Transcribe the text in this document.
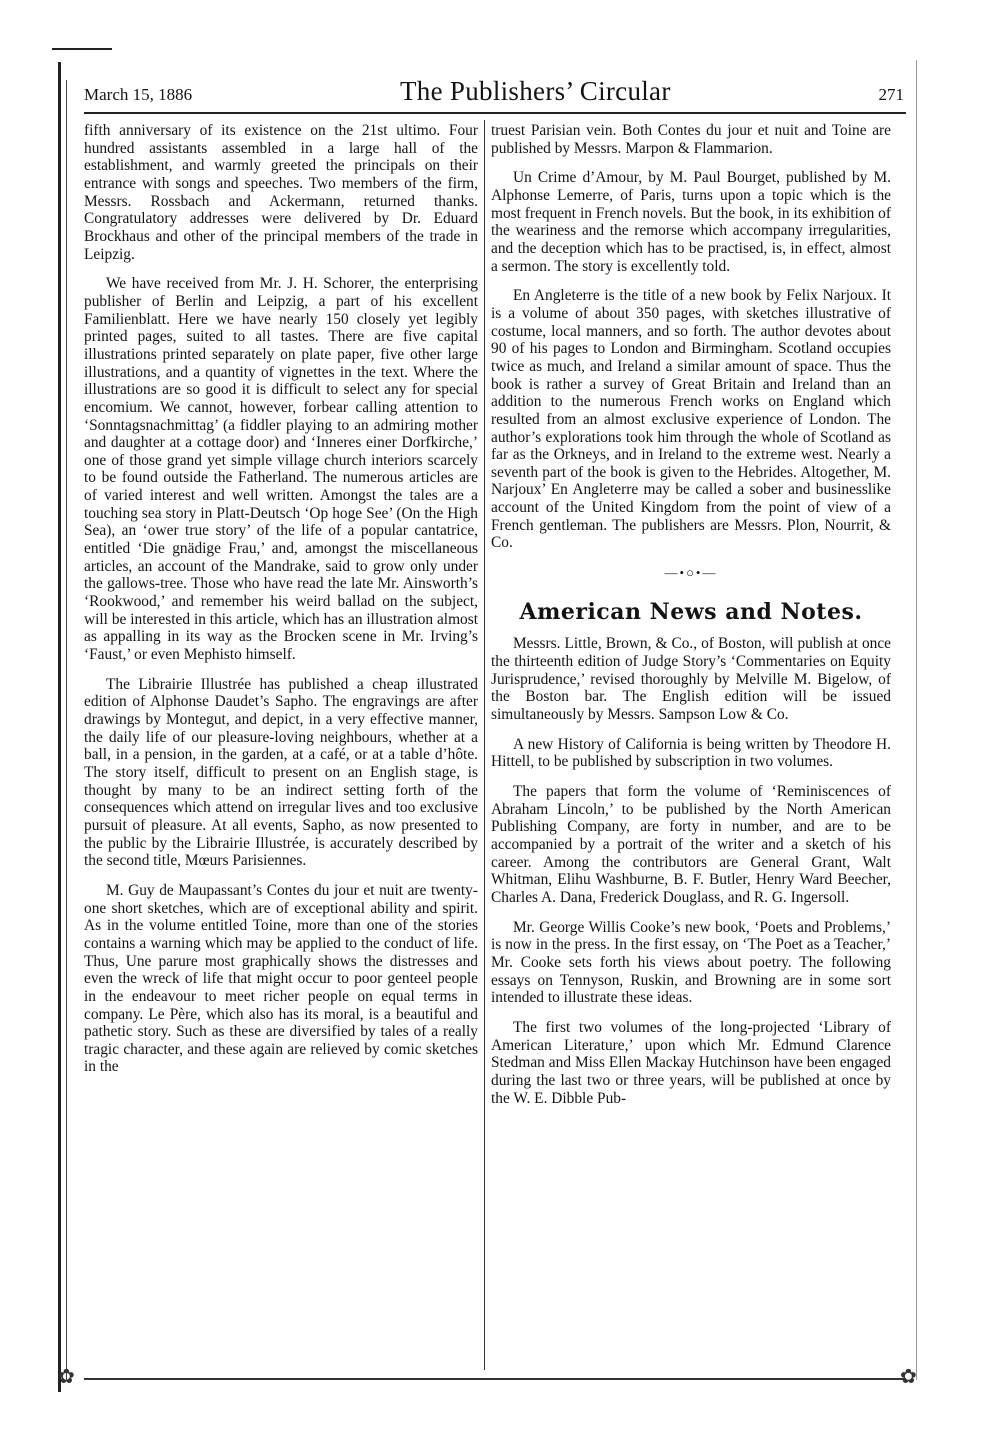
March 15, 1886	The Publishers’ Circular	271

fifth anniversary of its existence on the 21st ultimo. Four hundred assistants assembled in a large hall of the establishment, and warmly greeted the principals on their entrance with songs and speeches. Two members of the firm, Messrs. Rossbach and Ackermann, returned thanks. Congratulatory addresses were delivered by Dr. Eduard Brockhaus and other of the principal members of the trade in Leipzig.

We have received from Mr. J. H. Schorer, the enterprising publisher of Berlin and Leipzig, a part of his excellent Familienblatt. Here we have nearly 150 closely yet legibly printed pages, suited to all tastes. There are five capital illustrations printed separately on plate paper, five other large illustrations, and a quantity of vignettes in the text. Where the illustrations are so good it is difficult to select any for special encomium. We cannot, however, forbear calling attention to ‘Sonntagsnachmittag’ (a fiddler playing to an admiring mother and daughter at a cottage door) and ‘Inneres einer Dorfkirche,’ one of those grand yet simple village church interiors scarcely to be found outside the Fatherland. The numerous articles are of varied interest and well written. Amongst the tales are a touching sea story in Platt-Deutsch ‘Op hoge See’ (On the High Sea), an ‘ower true story’ of the life of a popular cantatrice, entitled ‘Die gnädige Frau,’ and, amongst the miscellaneous articles, an account of the Mandrake, said to grow only under the gallows-tree. Those who have read the late Mr. Ainsworth’s ‘Rookwood,’ and remember his weird ballad on the subject, will be interested in this article, which has an illustration almost as appalling in its way as the Brocken scene in Mr. Irving’s ‘Faust,’ or even Mephisto himself.

The Librairie Illustrée has published a cheap illustrated edition of Alphonse Daudet’s Sapho. The engravings are after drawings by Montegut, and depict, in a very effective manner, the daily life of our pleasure-loving neighbours, whether at a ball, in a pension, in the garden, at a café, or at a table d’hôte. The story itself, difficult to present on an English stage, is thought by many to be an indirect setting forth of the consequences which attend on irregular lives and too exclusive pursuit of pleasure. At all events, Sapho, as now presented to the public by the Librairie Illustrée, is accurately described by the second title, Mœurs Parisiennes.

M. Guy de Maupassant’s Contes du jour et nuit are twenty-one short sketches, which are of exceptional ability and spirit. As in the volume entitled Toine, more than one of the stories contains a warning which may be applied to the conduct of life. Thus, Une parure most graphically shows the distresses and even the wreck of life that might occur to poor genteel people in the endeavour to meet richer people on equal terms in company. Le Père, which also has its moral, is a beautiful and pathetic story. Such as these are diversified by tales of a really tragic character, and these again are relieved by comic sketches in the

truest Parisian vein. Both Contes du jour et nuit and Toine are published by Messrs. Marpon & Flammarion.

Un Crime d’Amour, by M. Paul Bourget, published by M. Alphonse Lemerre, of Paris, turns upon a topic which is the most frequent in French novels. But the book, in its exhibition of the weariness and the remorse which accompany irregularities, and the deception which has to be practised, is, in effect, almost a sermon. The story is excellently told.

En Angleterre is the title of a new book by Felix Narjoux. It is a volume of about 350 pages, with sketches illustrative of costume, local manners, and so forth. The author devotes about 90 of his pages to London and Birmingham. Scotland occupies twice as much, and Ireland a similar amount of space. Thus the book is rather a survey of Great Britain and Ireland than an addition to the numerous French works on England which resulted from an almost exclusive experience of London. The author’s explorations took him through the whole of Scotland as far as the Orkneys, and in Ireland to the extreme west. Nearly a seventh part of the book is given to the Hebrides. Altogether, M. Narjoux’ En Angleterre may be called a sober and businesslike account of the United Kingdom from the point of view of a French gentleman. The publishers are Messrs. Plon, Nourrit, & Co.

—•○•—
American News and Notes.

Messrs. Little, Brown, & Co., of Boston, will publish at once the thirteenth edition of Judge Story’s ‘Commentaries on Equity Jurisprudence,’ revised thoroughly by Melville M. Bigelow, of the Boston bar. The English edition will be issued simultaneously by Messrs. Sampson Low & Co.

A new History of California is being written by Theodore H. Hittell, to be published by subscription in two volumes.

The papers that form the volume of ‘Reminiscences of Abraham Lincoln,’ to be published by the North American Publishing Company, are forty in number, and are to be accompanied by a portrait of the writer and a sketch of his career. Among the contributors are General Grant, Walt Whitman, Elihu Washburne, B. F. Butler, Henry Ward Beecher, Charles A. Dana, Frederick Douglass, and R. G. Ingersoll.

Mr. George Willis Cooke’s new book, ‘Poets and Problems,’ is now in the press. In the first essay, on ‘The Poet as a Teacher,’ Mr. Cooke sets forth his views about poetry. The following essays on Tennyson, Ruskin, and Browning are in some sort intended to illustrate these ideas.

The first two volumes of the long-projected ‘Library of American Literature,’ upon which Mr. Edmund Clarence Stedman and Miss Ellen Mackay Hutchinson have been engaged during the last two or three years, will be published at once by the W. E. Dibble Pub-

✿	✿
